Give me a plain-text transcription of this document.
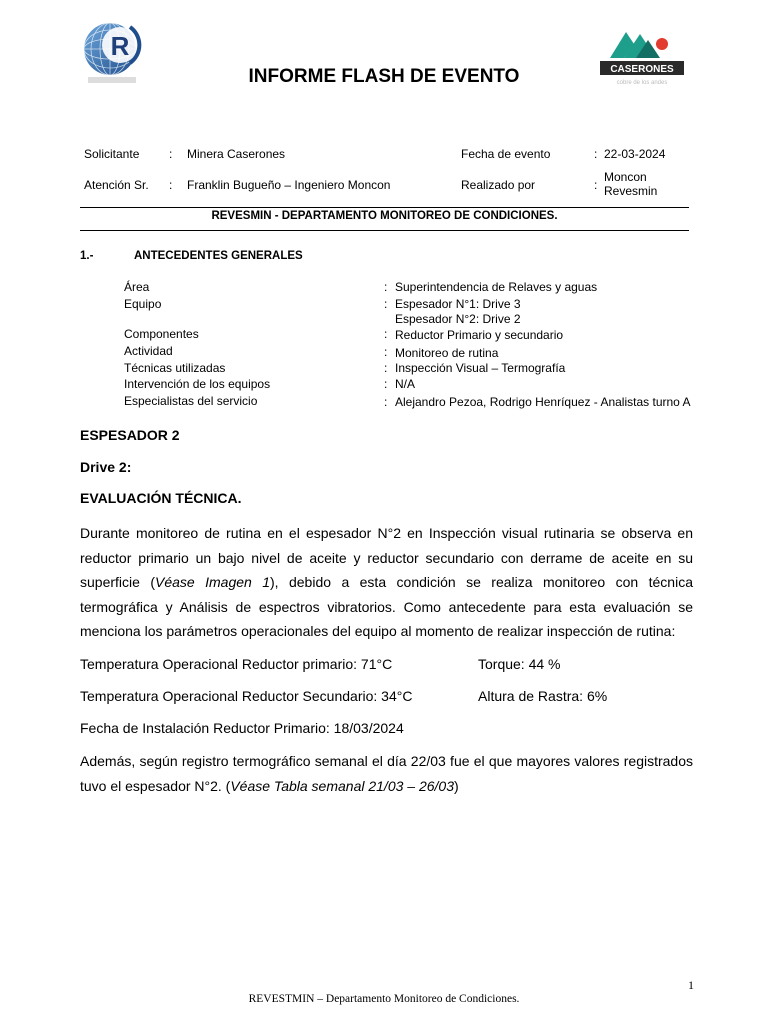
R
CASERONES
cobre de los andes
INFORME FLASH DE EVENTO
Solicitante : Minera Caserones	Fecha de evento	: 22-03-2024
Atención Sr. : Franklin Bugueño – Ingeniero Moncon	Realizado por	:
Moncon
Revesmin
REVESMIN - DEPARTAMENTO MONITOREO DE CONDICIONES.
1.-	ANTECEDENTES GENERALES
Área	: Superintendencia de Relaves y aguas
Equipo	: Espesador N°1: Drive 3
Espesador N°2: Drive 2
Componentes	: Reductor Primario y secundario
Actividad	: Monitoreo de rutina
Técnicas utilizadas	: Inspección Visual – Termografía
Intervención de los equipos	: N/A
Especialistas del servicio	: Alejandro Pezoa, Rodrigo Henríquez - Analistas turno A
ESPESADOR 2
Drive 2:
EVALUACIÓN TÉCNICA.
Durante monitoreo de rutina en el espesador N°2 en Inspección visual rutinaria se observa en reductor primario un bajo nivel de aceite y reductor secundario con derrame de aceite en su superficie (Véase Imagen 1), debido a esta condición se realiza monitoreo con técnica termográfica y Análisis de espectros vibratorios. Como antecedente para esta evaluación se menciona los parámetros operacionales del equipo al momento de realizar inspección de rutina:
Temperatura Operacional Reductor primario: 71°C	Torque: 44 %
Temperatura Operacional Reductor Secundario: 34°C	Altura de Rastra: 6%
Fecha de Instalación Reductor Primario: 18/03/2024
Además, según registro termográfico semanal el día 22/03 fue el que mayores valores registrados tuvo el espesador N°2. (Véase Tabla semanal 21/03 – 26/03)
1
REVESTMIN – Departamento Monitoreo de Condiciones.
